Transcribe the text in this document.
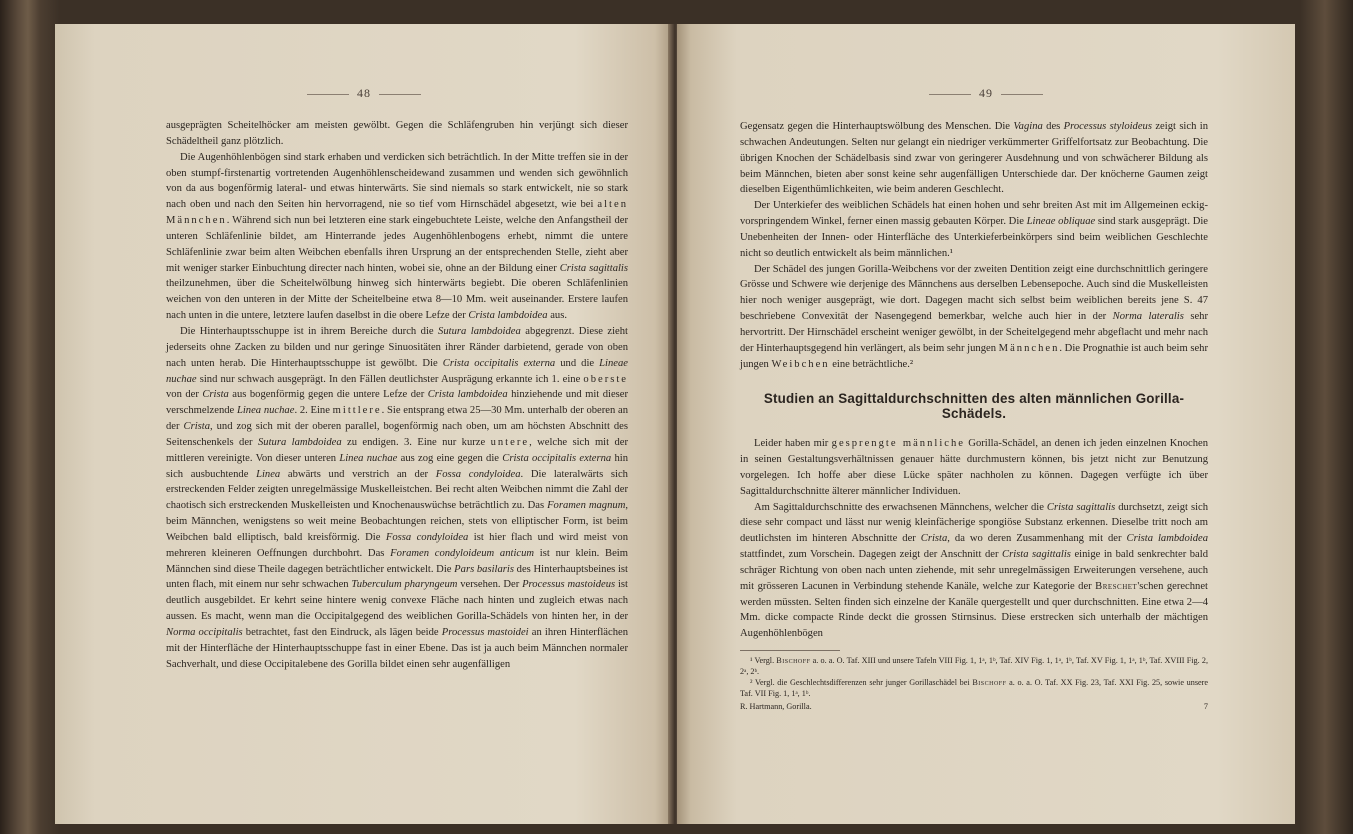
48

ausgeprägten Scheitelhöcker am meisten gewölbt. Gegen die Schläfengruben hin verjüngt sich dieser Schädeltheil ganz plötzlich.

Die Augenhöhlenbögen sind stark erhaben und verdicken sich beträchtlich. In der Mitte treffen sie in der oben stumpf-firstenartig vortretenden Augenhöhlenscheidewand zusammen und wenden sich gewöhnlich von da aus bogenförmig lateral- und etwas hinterwärts. Sie sind niemals so stark entwickelt, nie so stark nach oben und nach den Seiten hin hervorragend, nie so tief vom Hirnschädel abgesetzt, wie bei alten Männchen. Während sich nun bei letzteren eine stark eingebuchtete Leiste, welche den Anfangstheil der unteren Schläfenlinie bildet, am Hinterrande jedes Augenhöhlenbogens erhebt, nimmt die untere Schläfenlinie zwar beim alten Weibchen ebenfalls ihren Ursprung an der entsprechenden Stelle, zieht aber mit weniger starker Einbuchtung directer nach hinten, wobei sie, ohne an der Bildung einer Crista sagittalis theilzunehmen, über die Scheitelwölbung hinweg sich hinterwärts begiebt. Die oberen Schläfenlinien weichen von den unteren in der Mitte der Scheitelbeine etwa 8—10 Mm. weit auseinander. Erstere laufen nach unten in die untere, letztere laufen daselbst in die obere Lefze der Crista lambdoidea aus.

Die Hinterhauptsschuppe ist in ihrem Bereiche durch die Sutura lambdoidea abgegrenzt. Diese zieht jederseits ohne Zacken zu bilden und nur geringe Sinuositäten ihrer Ränder darbietend, gerade von oben nach unten herab. Die Hinterhauptsschuppe ist gewölbt. Die Crista occipitalis externa und die Lineae nuchae sind nur schwach ausgeprägt. In den Fällen deutlichster Ausprägung erkannte ich 1. eine oberste von der Crista aus bogenförmig gegen die untere Lefze der Crista lambdoidea hinziehende und mit dieser verschmelzende Linea nuchae. 2. Eine mittlere. Sie entsprang etwa 25—30 Mm. unterhalb der oberen an der Crista, und zog sich mit der oberen parallel, bogenförmig nach oben, um am höchsten Abschnitt des Seitenschenkels der Sutura lambdoidea zu endigen. 3. Eine nur kurze untere, welche sich mit der mittleren vereinigte. Von dieser unteren Linea nuchae aus zog eine gegen die Crista occipitalis externa hin sich ausbuchtende Linea abwärts und verstrich an der Fossa condyloidea. Die lateralwärts sich erstreckenden Felder zeigten unregelmässige Muskelleistchen. Bei recht alten Weibchen nimmt die Zahl der chaotisch sich erstreckenden Muskelleisten und Knochenauswüchse beträchtlich zu. Das Foramen magnum, beim Männchen, wenigstens so weit meine Beobachtungen reichen, stets von elliptischer Form, ist beim Weibchen bald elliptisch, bald kreisförmig. Die Fossa condyloidea ist hier flach und wird meist von mehreren kleineren Oeffnungen durchbohrt. Das Foramen condyloideum anticum ist nur klein. Beim Männchen sind diese Theile dagegen beträchtlicher entwickelt. Die Pars basilaris des Hinterhauptsbeines ist unten flach, mit einem nur sehr schwachen Tuberculum pharyngeum versehen. Der Processus mastoideus ist deutlich ausgebildet. Er kehrt seine hintere wenig convexe Fläche nach hinten und zugleich etwas nach aussen. Es macht, wenn man die Occipitalgegend des weiblichen Gorilla-Schädels von hinten her, in der Norma occipitalis betrachtet, fast den Eindruck, als lägen beide Processus mastoidei an ihren Hinterflächen mit der Hinterfläche der Hinterhauptsschuppe fast in einer Ebene. Das ist ja auch beim Männchen normaler Sachverhalt, und diese Occipitalebene des Gorilla bildet einen sehr augenfälligen

49

Gegensatz gegen die Hinterhauptswölbung des Menschen. Die Vagina des Processus styloideus zeigt sich in schwachen Andeutungen. Selten nur gelangt ein niedriger verkümmerter Griffelfortsatz zur Beobachtung. Die übrigen Knochen der Schädelbasis sind zwar von geringerer Ausdehnung und von schwächerer Bildung als beim Männchen, bieten aber sonst keine sehr augenfälligen Unterschiede dar. Der knöcherne Gaumen zeigt dieselben Eigenthümlichkeiten, wie beim anderen Geschlecht.

Der Unterkiefer des weiblichen Schädels hat einen hohen und sehr breiten Ast mit im Allgemeinen eckig-vorspringendem Winkel, ferner einen massig gebauten Körper. Die Lineae obliquae sind stark ausgeprägt. Die Unebenheiten der Innen- oder Hinterfläche des Unterkieferbeinkörpers sind beim weiblichen Geschlechte nicht so deutlich entwickelt als beim männlichen.¹

Der Schädel des jungen Gorilla-Weibchens vor der zweiten Dentition zeigt eine durchschnittlich geringere Grösse und Schwere wie derjenige des Männchens aus derselben Lebensepoche. Auch sind die Muskelleisten hier noch weniger ausgeprägt, wie dort. Dagegen macht sich selbst beim weiblichen bereits jene S. 47 beschriebene Convexität der Nasengegend bemerkbar, welche auch hier in der Norma lateralis sehr hervortritt. Der Hirnschädel erscheint weniger gewölbt, in der Scheitelgegend mehr abgeflacht und mehr nach der Hinterhauptsgegend hin verlängert, als beim sehr jungen Männchen. Die Prognathie ist auch beim sehr jungen Weibchen eine beträchtliche.²

Studien an Sagittaldurchschnitten des alten männlichen Gorilla-Schädels.

Leider haben mir gesprengte männliche Gorilla-Schädel, an denen ich jeden einzelnen Knochen in seinen Gestaltungsverhältnissen genauer hätte durchmustern können, bis jetzt nicht zur Benutzung vorgelegen. Ich hoffe aber diese Lücke später nachholen zu können. Dagegen verfügte ich über Sagittaldurchschnitte älterer männlicher Individuen.

Am Sagittaldurchschnitte des erwachsenen Männchens, welcher die Crista sagittalis durchsetzt, zeigt sich diese sehr compact und lässt nur wenig kleinfächerige spongiöse Substanz erkennen. Dieselbe tritt noch am deutlichsten im hinteren Abschnitte der Crista, da wo deren Zusammenhang mit der Crista lambdoidea stattfindet, zum Vorschein. Dagegen zeigt der Anschnitt der Crista sagittalis einige in bald senkrechter bald schräger Richtung von oben nach unten ziehende, mit sehr unregelmässigen Erweiterungen versehene, auch mit grösseren Lacunen in Verbindung stehende Kanäle, welche zur Kategorie der Breschet'schen gerechnet werden müssten. Selten finden sich einzelne der Kanäle quergestellt und quer durchschnitten. Eine etwa 2—4 Mm. dicke compacte Rinde deckt die grossen Stirnsinus. Diese erstrecken sich unterhalb der mächtigen Augenhöhlenbögen

¹ Vergl. Bischoff a. o. a. O. Taf. XIII und unsere Tafeln VIII Fig. 1, 1ᵃ, 1ᵇ, Taf. XIV Fig. 1, 1ᵃ, 1ᵇ, Taf. XV Fig. 1, 1ᵃ, 1ᵇ, Taf. XVIII Fig. 2, 2ᵃ, 2ᵇ.

² Vergl. die Geschlechtsdifferenzen sehr junger Gorillaschädel bei Bischoff a. o. a. O. Taf. XX Fig. 23, Taf. XXI Fig. 25, sowie unsere Taf. VII Fig. 1, 1ᵃ, 1ᵇ.

R. Hartmann, Gorilla.	7
